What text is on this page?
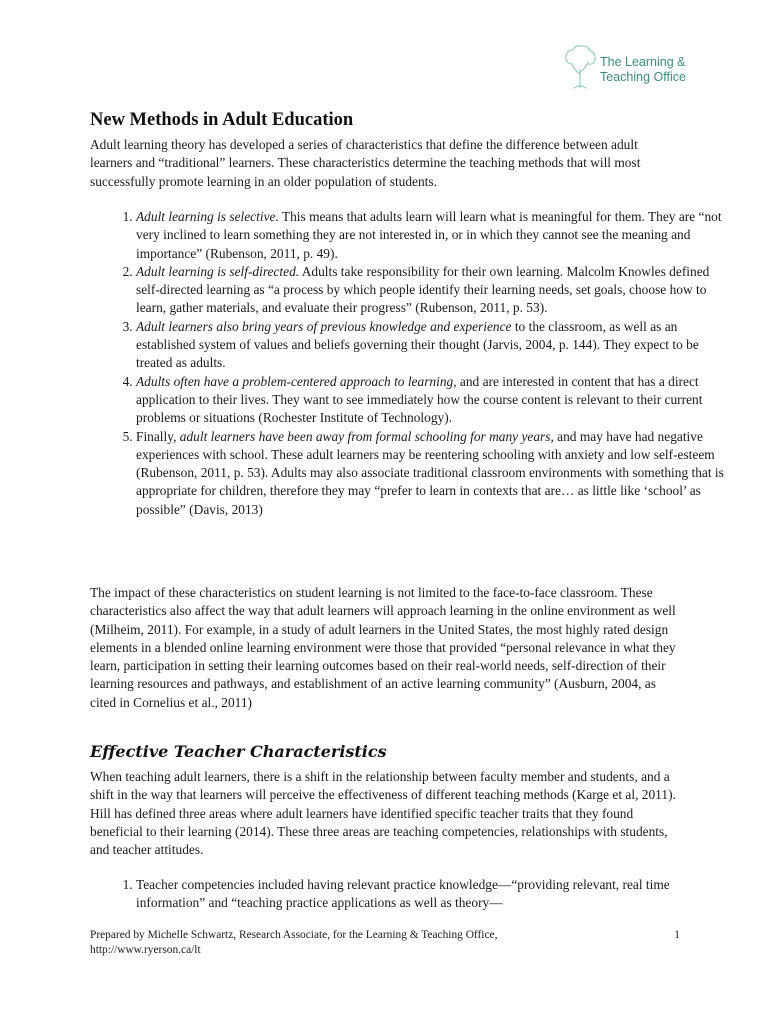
The Learning &
Teaching Office
New Methods in Adult Education

Adult learning theory has developed a series of characteristics that define the difference between adult learners and “traditional” learners. These characteristics determine the teaching methods that will most successfully promote learning in an older population of students.

1. Adult learning is selective. This means that adults learn will learn what is meaningful for them. They are “not very inclined to learn something they are not interested in, or in which they cannot see the meaning and importance” (Rubenson, 2011, p. 49).
2. Adult learning is self-directed. Adults take responsibility for their own learning. Malcolm Knowles defined self-directed learning as “a process by which people identify their learning needs, set goals, choose how to learn, gather materials, and evaluate their progress” (Rubenson, 2011, p. 53).
3. Adult learners also bring years of previous knowledge and experience to the classroom, as well as an established system of values and beliefs governing their thought (Jarvis, 2004, p. 144). They expect to be treated as adults.
4. Adults often have a problem-centered approach to learning, and are interested in content that has a direct application to their lives. They want to see immediately how the course content is relevant to their current problems or situations (Rochester Institute of Technology).
5. Finally, adult learners have been away from formal schooling for many years, and may have had negative experiences with school. These adult learners may be reentering schooling with anxiety and low self-esteem (Rubenson, 2011, p. 53). Adults may also associate traditional classroom environments with something that is appropriate for children, therefore they may “prefer to learn in contexts that are… as little like ‘school’ as possible” (Davis, 2013)

The impact of these characteristics on student learning is not limited to the face-to-face classroom. These characteristics also affect the way that adult learners will approach learning in the online environment as well (Milheim, 2011). For example, in a study of adult learners in the United States, the most highly rated design elements in a blended online learning environment were those that provided “personal relevance in what they learn, participation in setting their learning outcomes based on their real-world needs, self-direction of their learning resources and pathways, and establishment of an active learning community” (Ausburn, 2004, as cited in Cornelius et al., 2011)

Effective Teacher Characteristics

When teaching adult learners, there is a shift in the relationship between faculty member and students, and a shift in the way that learners will perceive the effectiveness of different teaching methods (Karge et al, 2011). Hill has defined three areas where adult learners have identified specific teacher traits that they found beneficial to their learning (2014). These three areas are teaching competencies, relationships with students, and teacher attitudes.

1. Teacher competencies included having relevant practice knowledge—“providing relevant, real time information” and “teaching practice applications as well as theory—
Prepared by Michelle Schwartz, Research Associate, for the Learning & Teaching Office,
http://www.ryerson.ca/lt
1
